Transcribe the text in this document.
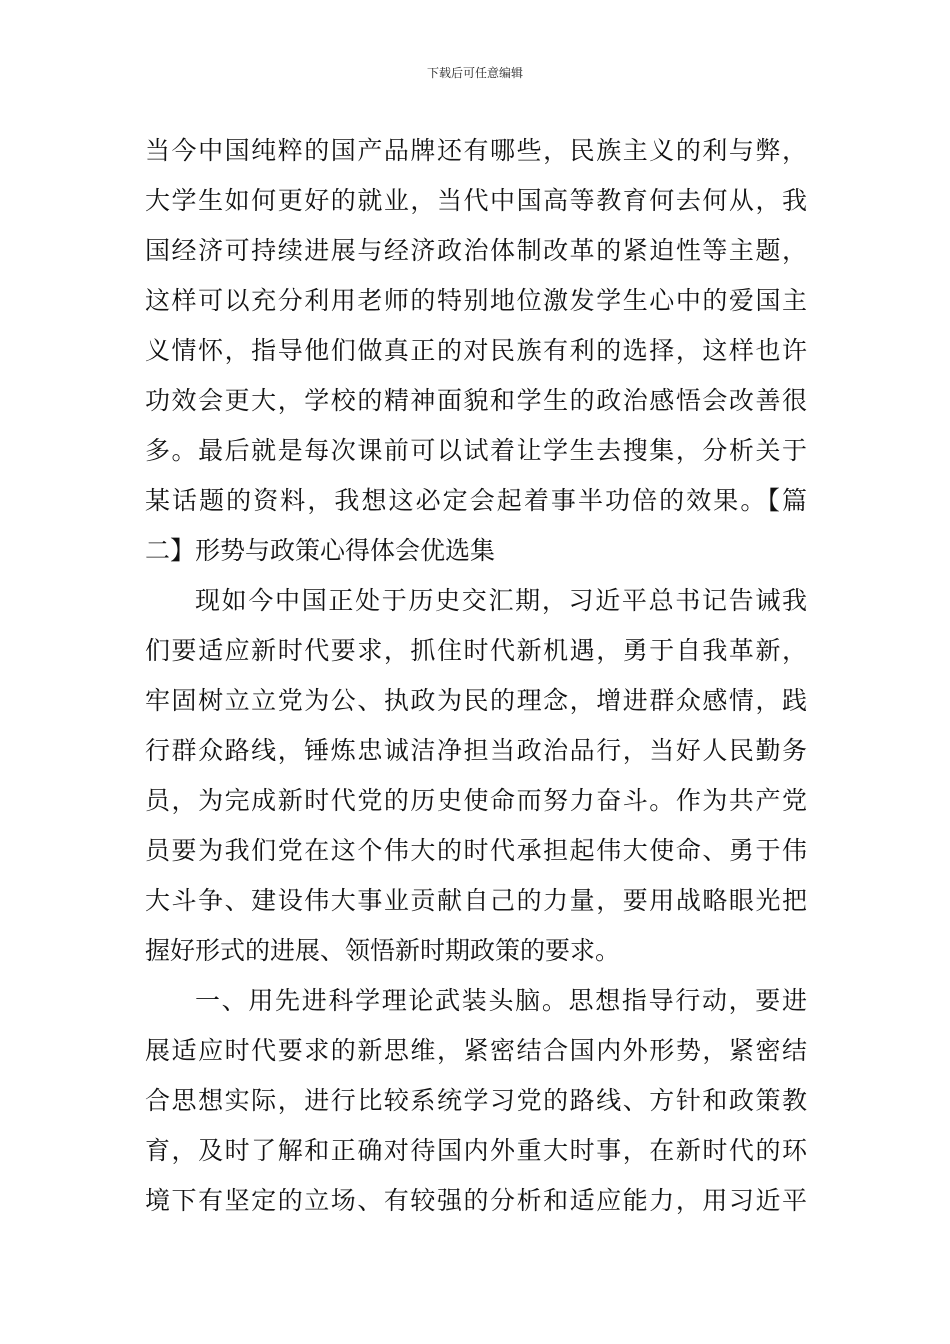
下载后可任意编辑
当今中国纯粹的国产品牌还有哪些，民族主义的利与弊，
大学生如何更好的就业，当代中国高等教育何去何从，我
国经济可持续进展与经济政治体制改革的紧迫性等主题，
这样可以充分利用老师的特别地位激发学生心中的爱国主
义情怀，指导他们做真正的对民族有利的选择，这样也许
功效会更大，学校的精神面貌和学生的政治感悟会改善很
多。最后就是每次课前可以试着让学生去搜集，分析关于
某话题的资料，我想这必定会起着事半功倍的效果。【篇
二】形势与政策心得体会优选集
现如今中国正处于历史交汇期，习近平总书记告诫我
们要适应新时代要求，抓住时代新机遇，勇于自我革新，
牢固树立立党为公、执政为民的理念，增进群众感情，践
行群众路线，锤炼忠诚洁净担当政治品行，当好人民勤务
员，为完成新时代党的历史使命而努力奋斗。作为共产党
员要为我们党在这个伟大的时代承担起伟大使命、勇于伟
大斗争、建设伟大事业贡献自己的力量，要用战略眼光把
握好形式的进展、领悟新时期政策的要求。
一、用先进科学理论武装头脑。思想指导行动，要进
展适应时代要求的新思维，紧密结合国内外形势，紧密结
合思想实际，进行比较系统学习党的路线、方针和政策教
育，及时了解和正确对待国内外重大时事，在新时代的环
境下有坚定的立场、有较强的分析和适应能力，用习近平
